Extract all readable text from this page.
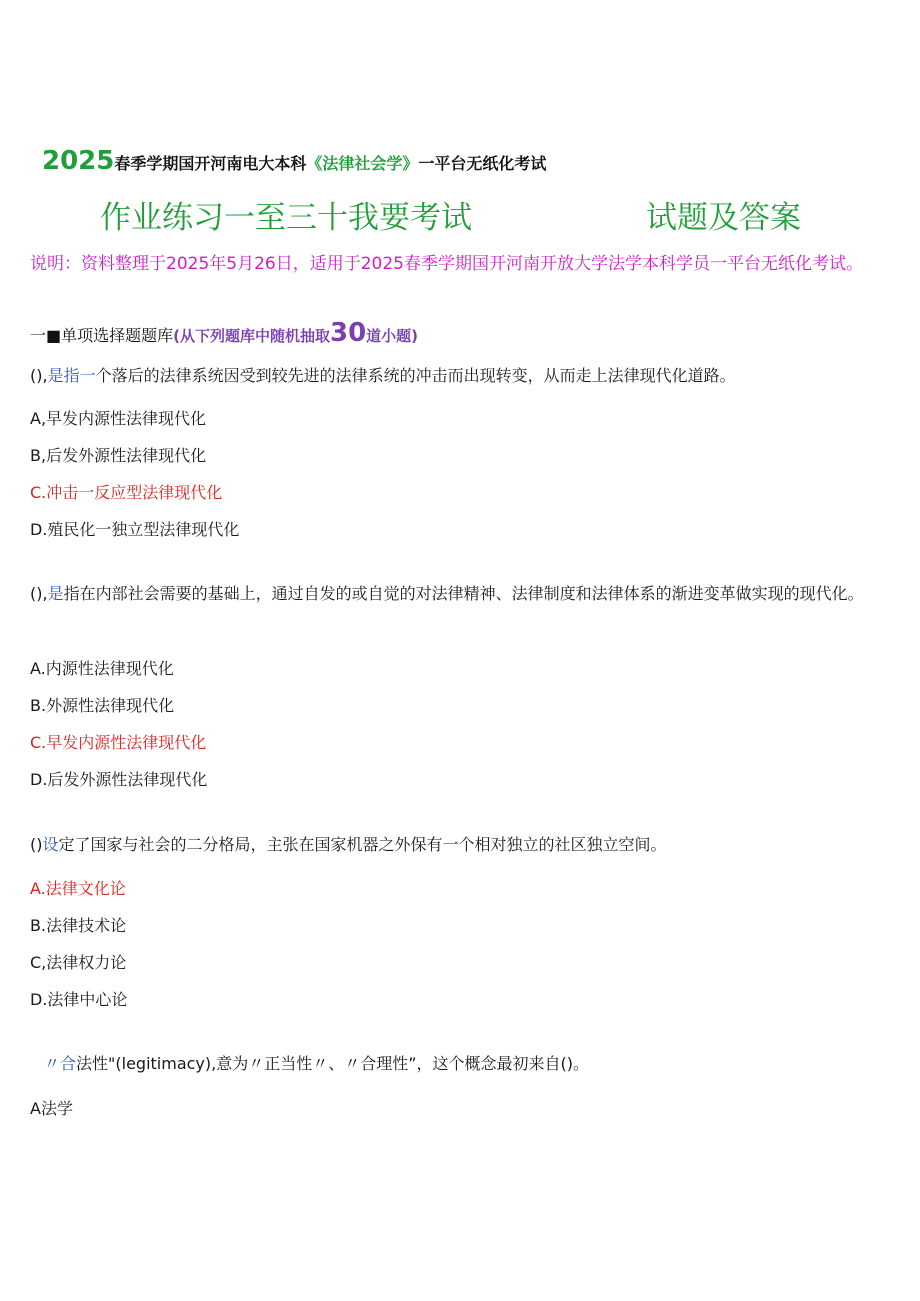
2025春季学期国开河南电大本科《法律社会学》一平台无纸化考试
作业练习一至三十我要考试	试题及答案
说明：资料整理于2025年5月26日，适用于2025春季学期国开河南开放大学法学本科学员一平台无纸化考试。
一■单项选择题题库(从下列题库中随机抽取30道小题)
(),是指一个落后的法律系统因受到较先进的法律系统的冲击而出现转变，从而走上法律现代化道路。
A,早发内源性法律现代化
B,后发外源性法律现代化
C.冲击一反应型法律现代化
D.殖民化一独立型法律现代化
(),是指在内部社会需要的基础上，通过自发的或自觉的对法律精神、法律制度和法律体系的渐进变革做实现的现代化。
A.内源性法律现代化
B.外源性法律现代化
C.早发内源性法律现代化
D.后发外源性法律现代化
()设定了国家与社会的二分格局，主张在国家机器之外保有一个相对独立的社区独立空间。
A.法律文化论
B.法律技术论
C,法律权力论
D.法律中心论
〃合法性"(legitimacy),意为〃正当性〃、〃合理性”，这个概念最初来自()。
A法学
